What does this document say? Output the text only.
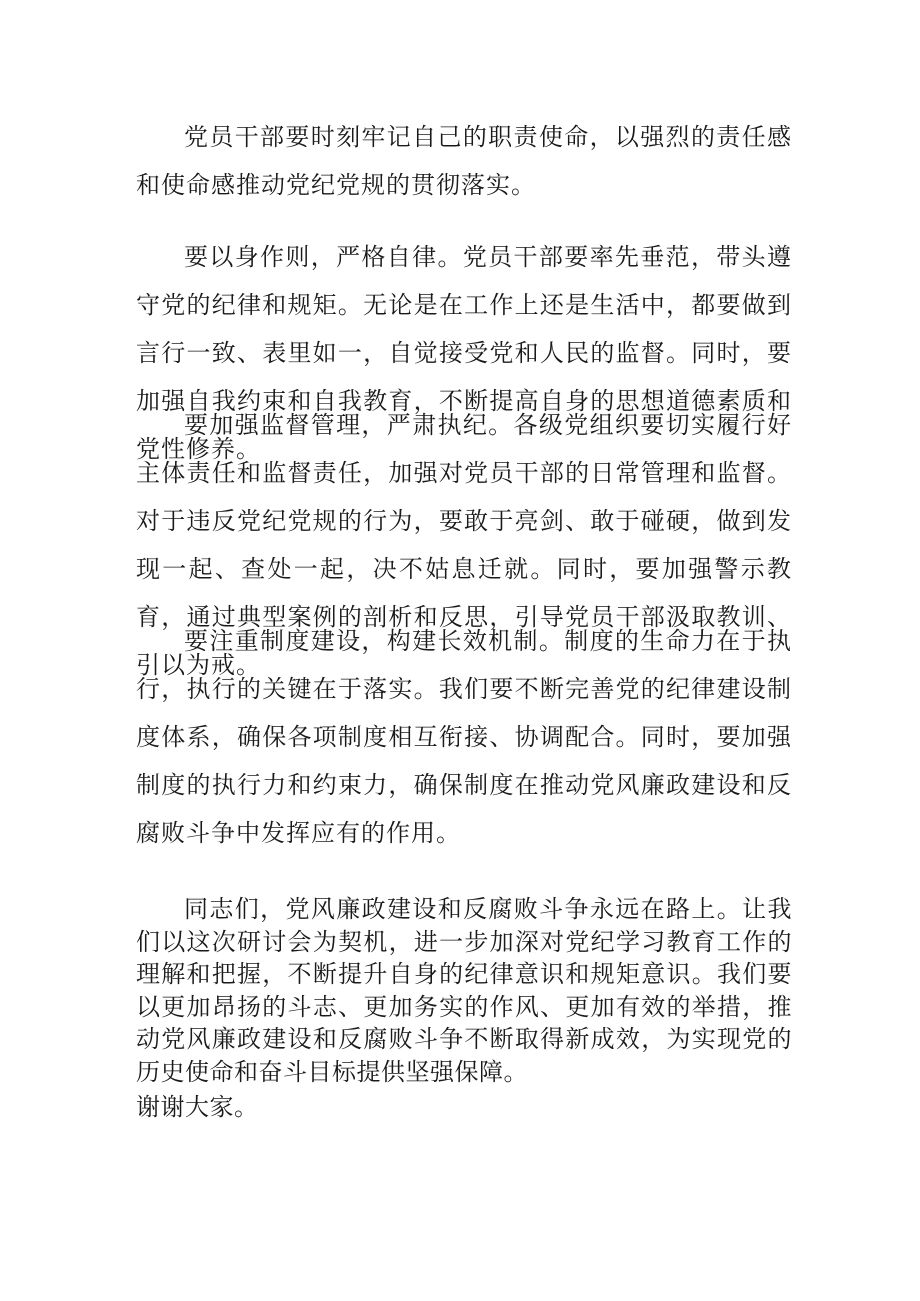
党员干部要时刻牢记自己的职责使命，以强烈的责任感和使命感推动党纪党规的贯彻落实。

要以身作则，严格自律。党员干部要率先垂范，带头遵守党的纪律和规矩。无论是在工作上还是生活中，都要做到言行一致、表里如一，自觉接受党和人民的监督。同时，要加强自我约束和自我教育，不断提高自身的思想道德素质和党性修养。

要加强监督管理，严肃执纪。各级党组织要切实履行好主体责任和监督责任，加强对党员干部的日常管理和监督。对于违反党纪党规的行为，要敢于亮剑、敢于碰硬，做到发现一起、查处一起，决不姑息迁就。同时，要加强警示教育，通过典型案例的剖析和反思，引导党员干部汲取教训、引以为戒。

要注重制度建设，构建长效机制。制度的生命力在于执行，执行的关键在于落实。我们要不断完善党的纪律建设制度体系，确保各项制度相互衔接、协调配合。同时，要加强制度的执行力和约束力，确保制度在推动党风廉政建设和反腐败斗争中发挥应有的作用。

同志们，党风廉政建设和反腐败斗争永远在路上。让我们以这次研讨会为契机，进一步加深对党纪学习教育工作的理解和把握，不断提升自身的纪律意识和规矩意识。我们要以更加昂扬的斗志、更加务实的作风、更加有效的举措，推动党风廉政建设和反腐败斗争不断取得新成效，为实现党的历史使命和奋斗目标提供坚强保障。

谢谢大家。
